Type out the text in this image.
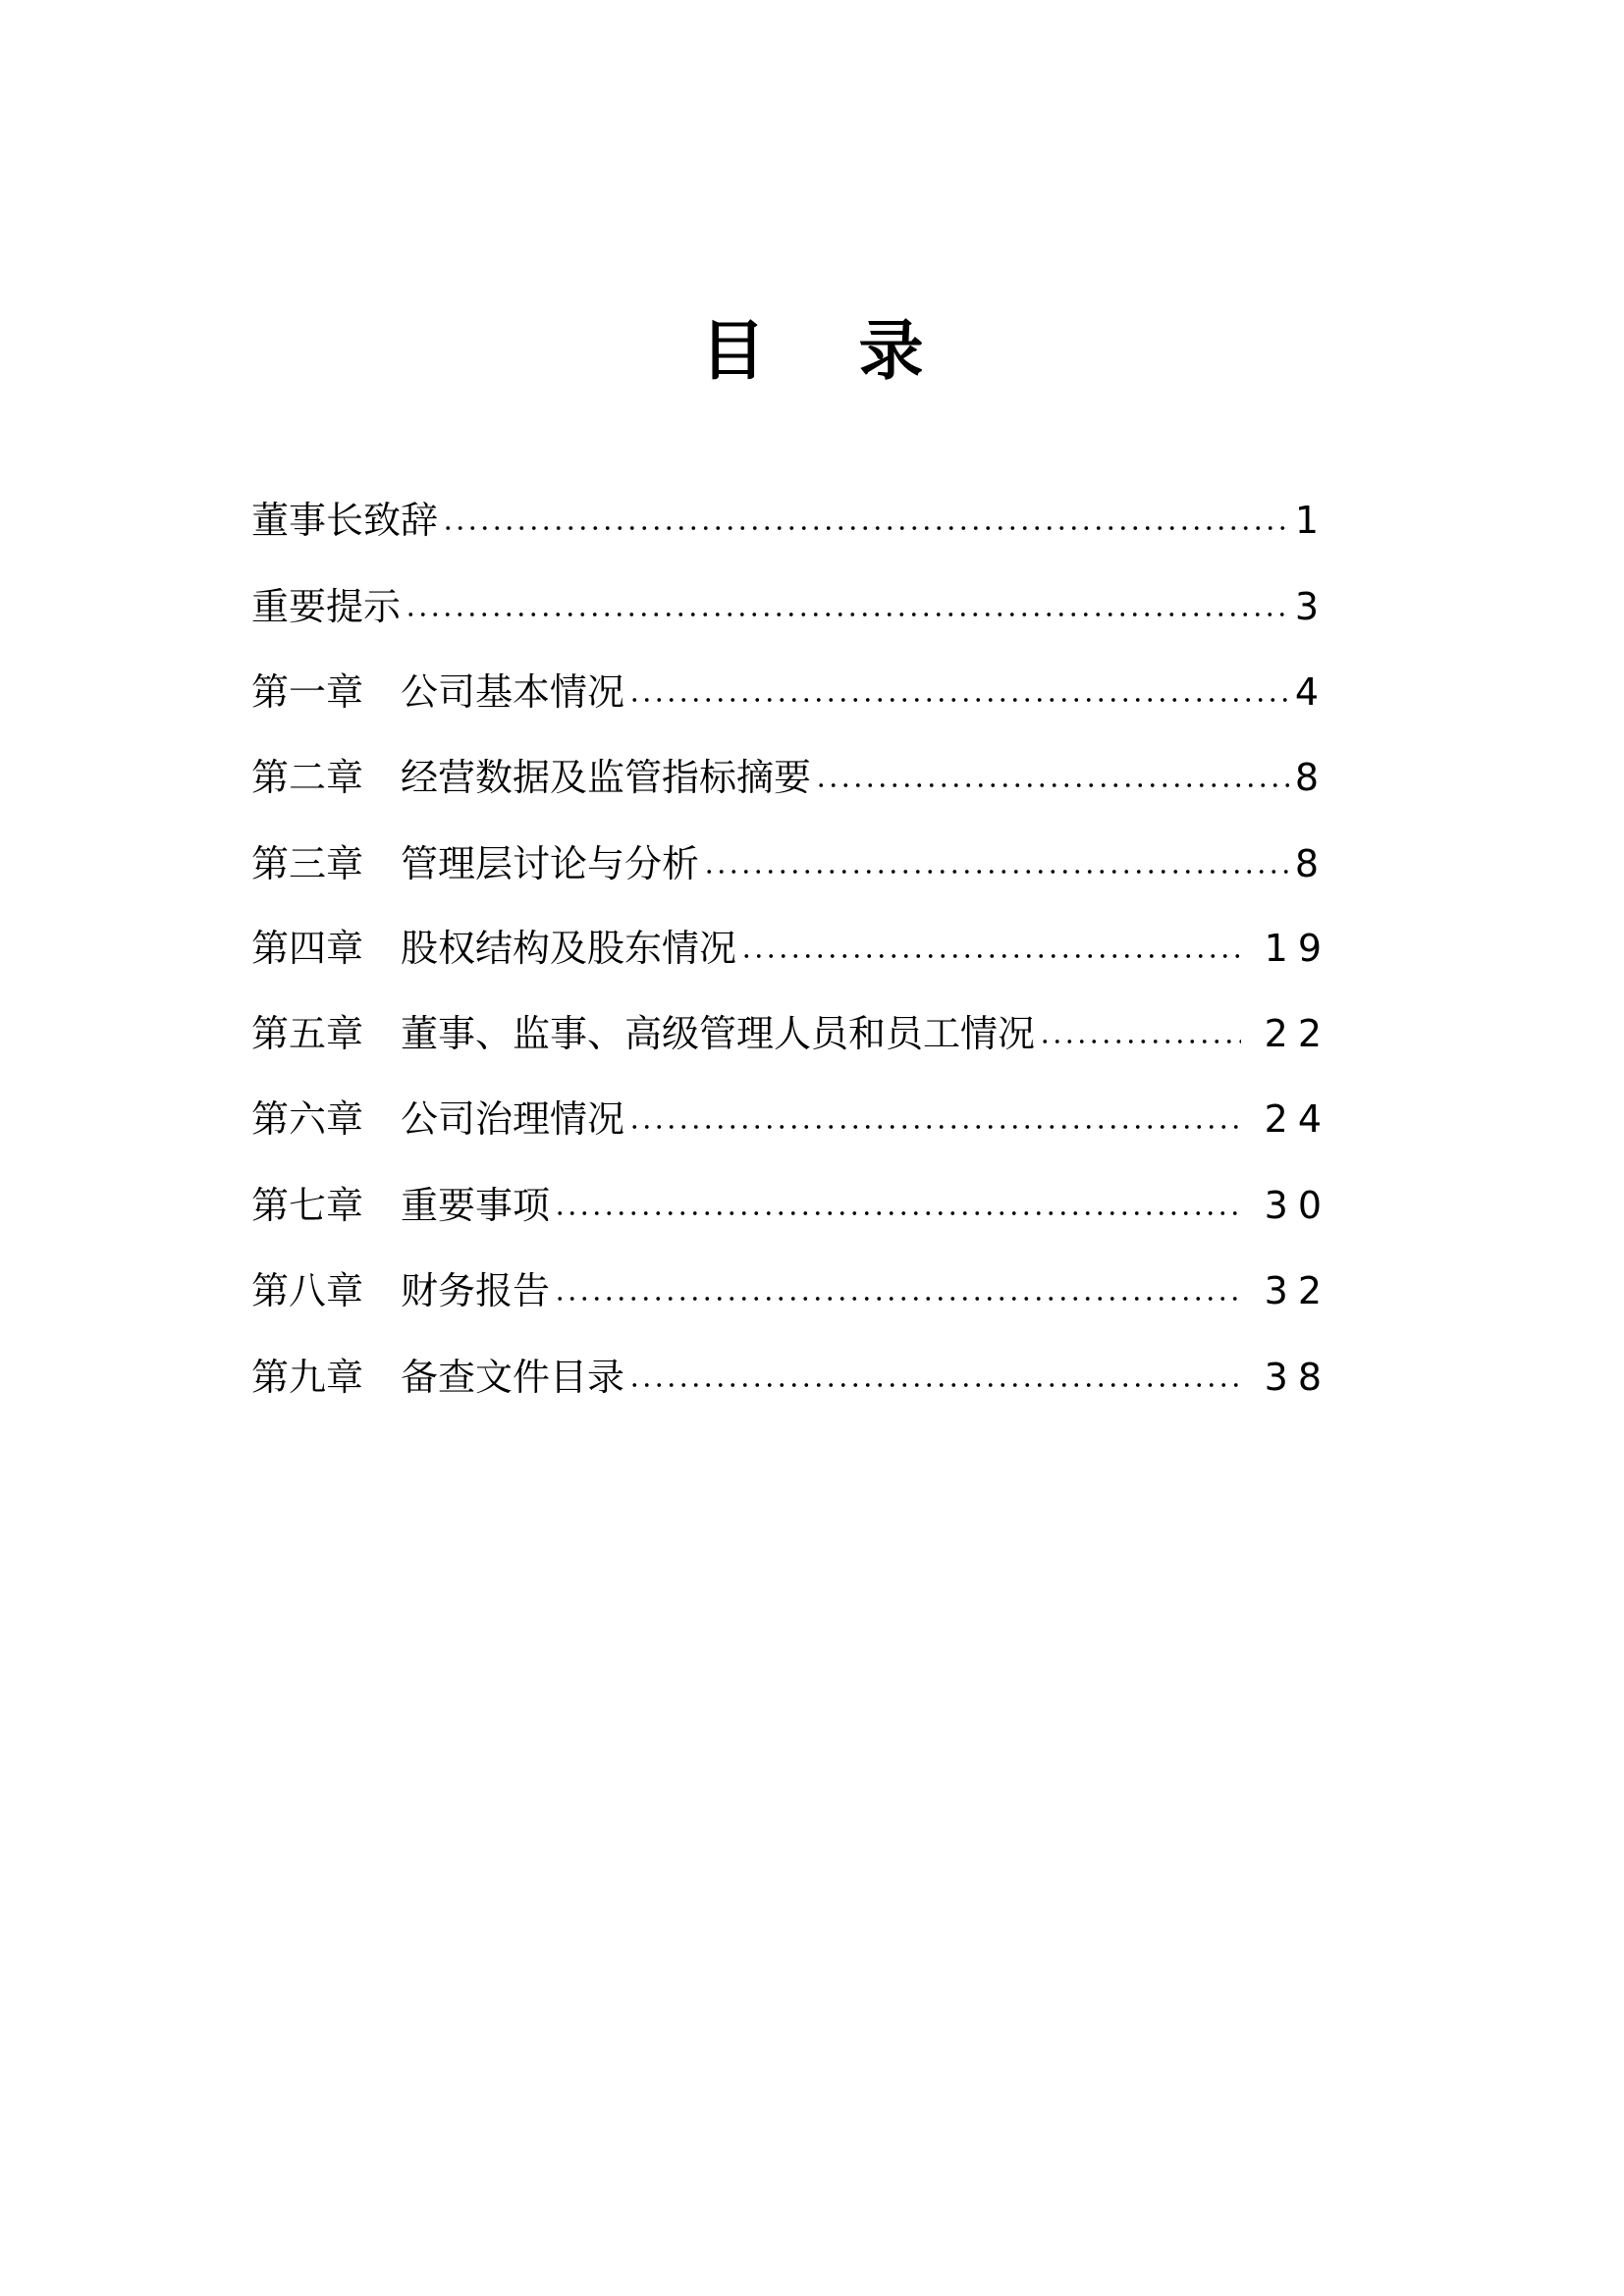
目 录
董事长致辞	1
重要提示	3
第一章 公司基本情况	4
第二章 经营数据及监管指标摘要	8
第三章 管理层讨论与分析	8
第四章 股权结构及股东情况	19
第五章 董事、监事、高级管理人员和员工情况	22
第六章 公司治理情况	24
第七章 重要事项	30
第八章 财务报告	32
第九章 备查文件目录	38
